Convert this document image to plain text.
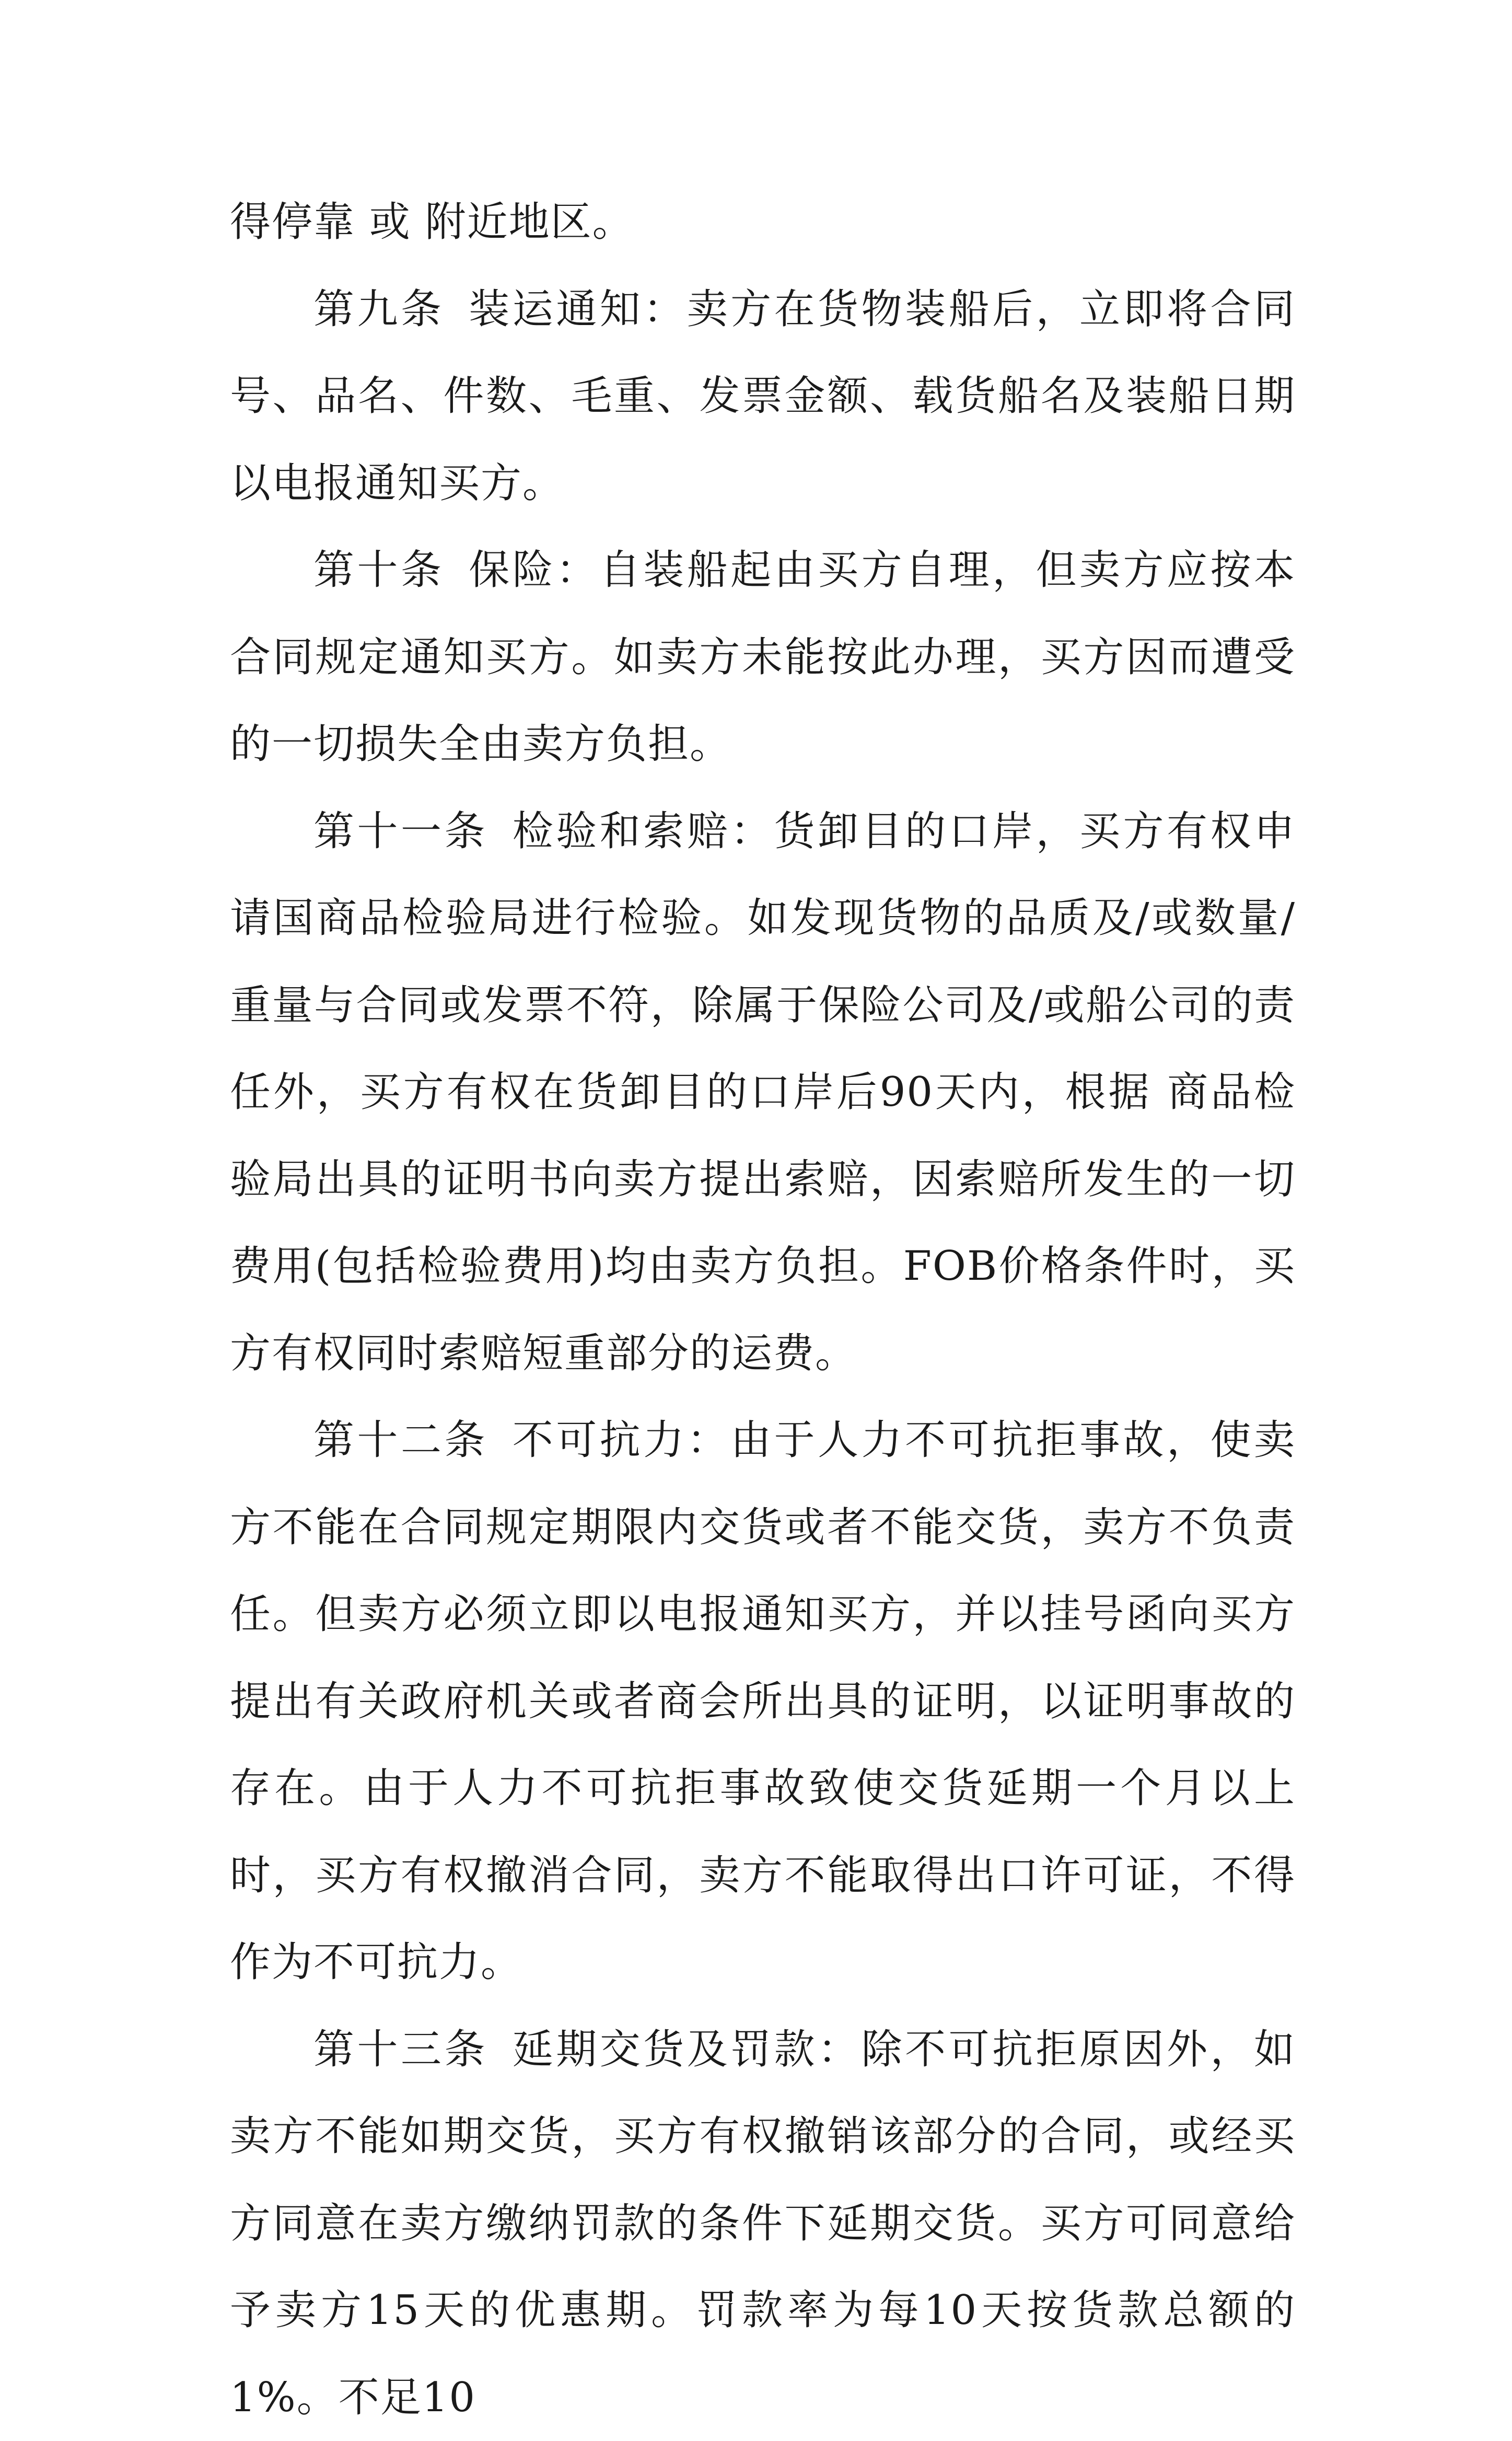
得停靠 或 附近地区。

第九条 装运通知：卖方在货物装船后，立即将合同号、品名、件数、毛重、发票金额、载货船名及装船日期以电报通知买方。

第十条 保险：自装船起由买方自理，但卖方应按本合同规定通知买方。如卖方未能按此办理，买方因而遭受的一切损失全由卖方负担。

第十一条 检验和索赔：货卸目的口岸，买方有权申请国商品检验局进行检验。如发现货物的品质及/或数量/重量与合同或发票不符，除属于保险公司及/或船公司的责任外，买方有权在货卸目的口岸后90天内，根据 商品检验局出具的证明书向卖方提出索赔，因索赔所发生的一切费用(包括检验费用)均由卖方负担。FOB价格条件时，买方有权同时索赔短重部分的运费。

第十二条 不可抗力：由于人力不可抗拒事故，使卖方不能在合同规定期限内交货或者不能交货，卖方不负责任。但卖方必须立即以电报通知买方，并以挂号函向买方提出有关政府机关或者商会所出具的证明，以证明事故的存在。由于人力不可抗拒事故致使交货延期一个月以上时，买方有权撤消合同，卖方不能取得出口许可证，不得作为不可抗力。

第十三条 延期交货及罚款：除不可抗拒原因外，如卖方不能如期交货，买方有权撤销该部分的合同，或经买方同意在卖方缴纳罚款的条件下延期交货。买方可同意给予卖方15天的优惠期。罚款率为每10天按货款总额的1%。不足10
